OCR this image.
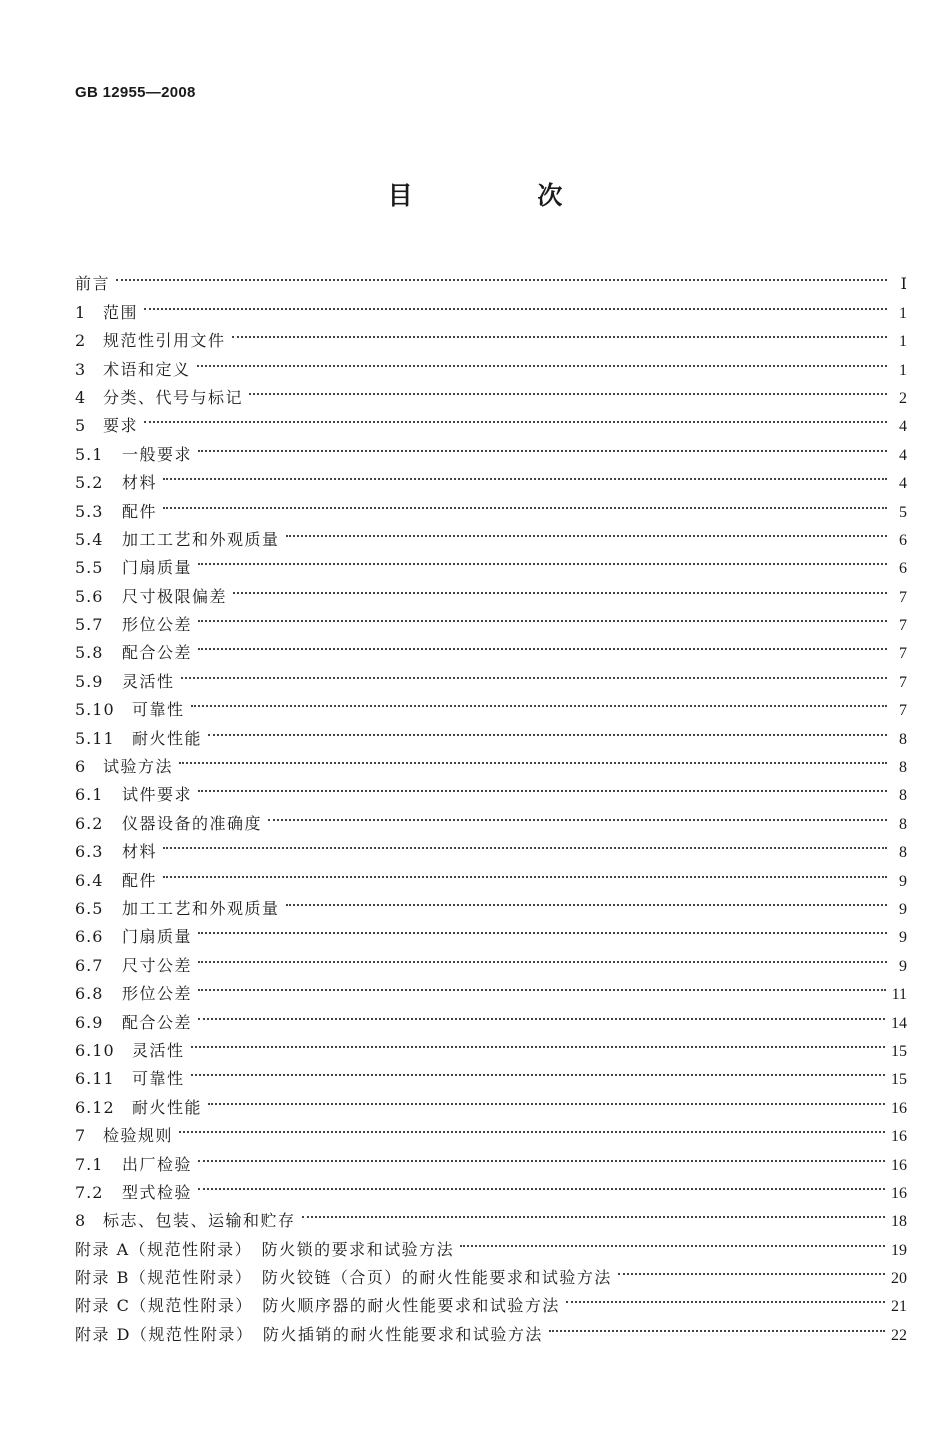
GB 12955—2008
目 次
前言	Ⅰ
1	范围	1
2	规范性引用文件	1
3	术语和定义	1
4	分类、代号与标记	2
5	要求	4
5.1	一般要求	4
5.2	材料	4
5.3	配件	5
5.4	加工工艺和外观质量	6
5.5	门扇质量	6
5.6	尺寸极限偏差	7
5.7	形位公差	7
5.8	配合公差	7
5.9	灵活性	7
5.10	可靠性	7
5.11	耐火性能	8
6	试验方法	8
6.1	试件要求	8
6.2	仪器设备的准确度	8
6.3	材料	8
6.4	配件	9
6.5	加工工艺和外观质量	9
6.6	门扇质量	9
6.7	尺寸公差	9
6.8	形位公差	11
6.9	配合公差	14
6.10	灵活性	15
6.11	可靠性	15
6.12	耐火性能	16
7	检验规则	16
7.1	出厂检验	16
7.2	型式检验	16
8	标志、包装、运输和贮存	18
附录 A（规范性附录）　防火锁的要求和试验方法	19
附录 B（规范性附录）　防火铰链（合页）的耐火性能要求和试验方法	20
附录 C（规范性附录）　防火顺序器的耐火性能要求和试验方法	21
附录 D（规范性附录）　防火插销的耐火性能要求和试验方法	22
